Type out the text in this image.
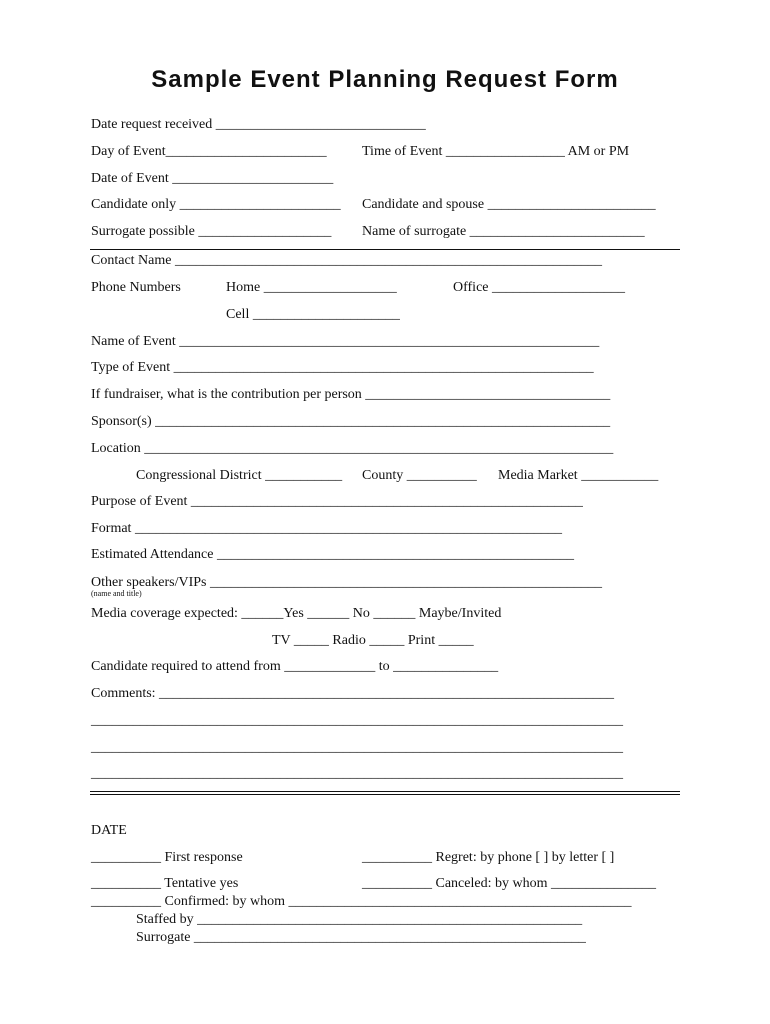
Sample Event Planning Request Form
Date request received ______________________________
Day of Event_______________________	Time of Event _________________ AM or PM
Date of Event _______________________
Candidate only _______________________ Candidate and spouse ________________________
Surrogate possible ___________________ Name of surrogate _________________________
Contact Name _____________________________________________________________
Phone Numbers	Home ___________________	Office ___________________
Cell _____________________
Name of Event ____________________________________________________________
Type of Event ____________________________________________________________
If fundraiser, what is the contribution per person ___________________________________
Sponsor(s) _________________________________________________________________
Location ___________________________________________________________________
Congressional District ___________ County __________ Media Market ___________
Purpose of Event ________________________________________________________
Format _____________________________________________________________
Estimated Attendance ___________________________________________________
Other speakers/VIPs ________________________________________________________
(name and title)
Media coverage expected: ______Yes ______ No ______ Maybe/Invited
TV _____ Radio _____ Print _____
Candidate required to attend from _____________ to _______________
Comments: _________________________________________________________________
____________________________________________________________________________
____________________________________________________________________________
____________________________________________________________________________
DATE
__________ First response	__________ Regret: by phone [ ] by letter [ ]
__________ Tentative yes	__________ Canceled: by whom _______________
__________ Confirmed: by whom _________________________________________________
Staffed by _______________________________________________________
Surrogate ________________________________________________________
